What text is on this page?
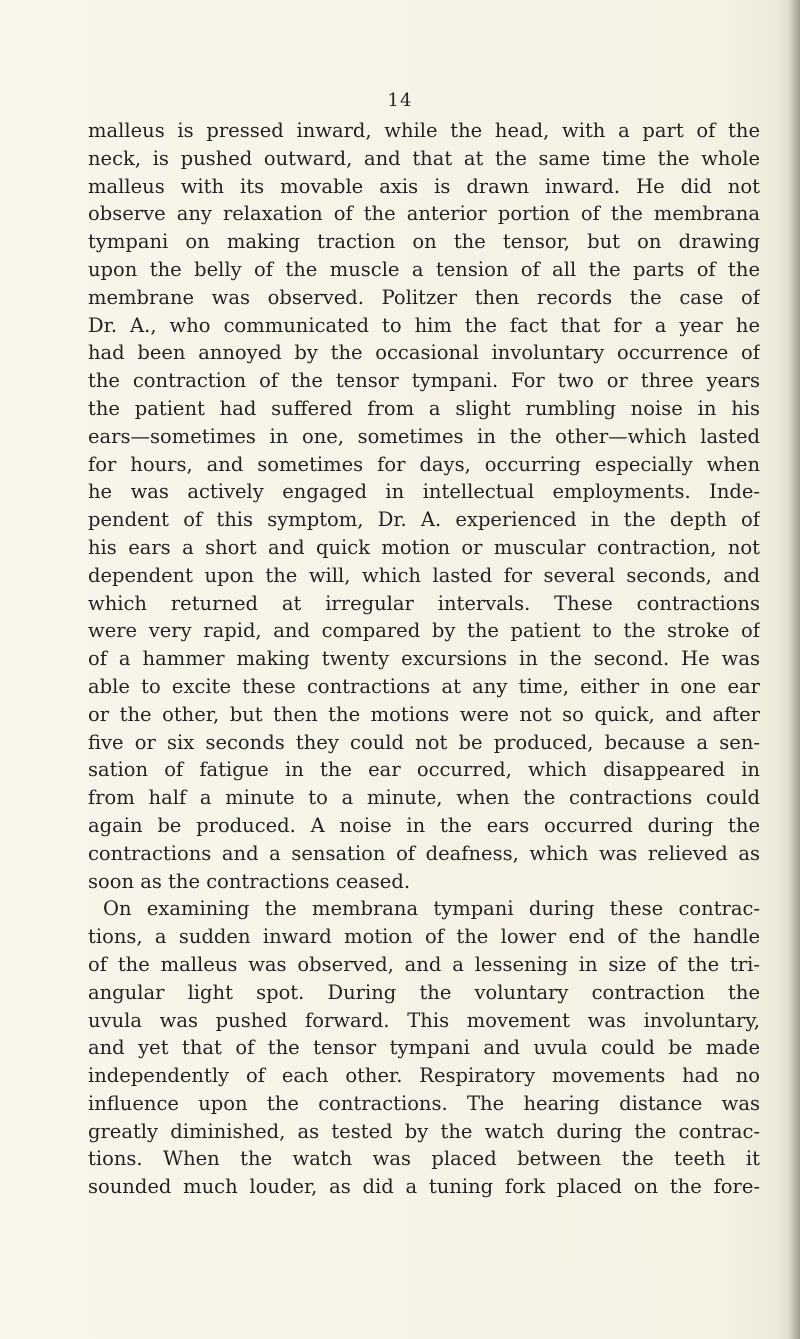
14
malleus is pressed inward, while the head, with a part of the
neck, is pushed outward, and that at the same time the whole
malleus with its movable axis is drawn inward. He did not
observe any relaxation of the anterior portion of the membrana
tympani on making traction on the tensor, but on drawing
upon the belly of the muscle a tension of all the parts of the
membrane was observed. Politzer then records the case of
Dr. A., who communicated to him the fact that for a year he
had been annoyed by the occasional involuntary occurrence of
the contraction of the tensor tympani. For two or three years
the patient had suffered from a slight rumbling noise in his
ears—sometimes in one, sometimes in the other—which lasted
for hours, and sometimes for days, occurring especially when
he was actively engaged in intellectual employments. Inde-
pendent of this symptom, Dr. A. experienced in the depth of
his ears a short and quick motion or muscular contraction, not
dependent upon the will, which lasted for several seconds, and
which returned at irregular intervals. These contractions
were very rapid, and compared by the patient to the stroke of
of a hammer making twenty excursions in the second. He was
able to excite these contractions at any time, either in one ear
or the other, but then the motions were not so quick, and after
five or six seconds they could not be produced, because a sen-
sation of fatigue in the ear occurred, which disappeared in
from half a minute to a minute, when the contractions could
again be produced. A noise in the ears occurred during the
contractions and a sensation of deafness, which was relieved as
soon as the contractions ceased.
On examining the membrana tympani during these contrac-
tions, a sudden inward motion of the lower end of the handle
of the malleus was observed, and a lessening in size of the tri-
angular light spot. During the voluntary contraction the
uvula was pushed forward. This movement was involuntary,
and yet that of the tensor tympani and uvula could be made
independently of each other. Respiratory movements had no
influence upon the contractions. The hearing distance was
greatly diminished, as tested by the watch during the contrac-
tions. When the watch was placed between the teeth it
sounded much louder, as did a tuning fork placed on the fore-
